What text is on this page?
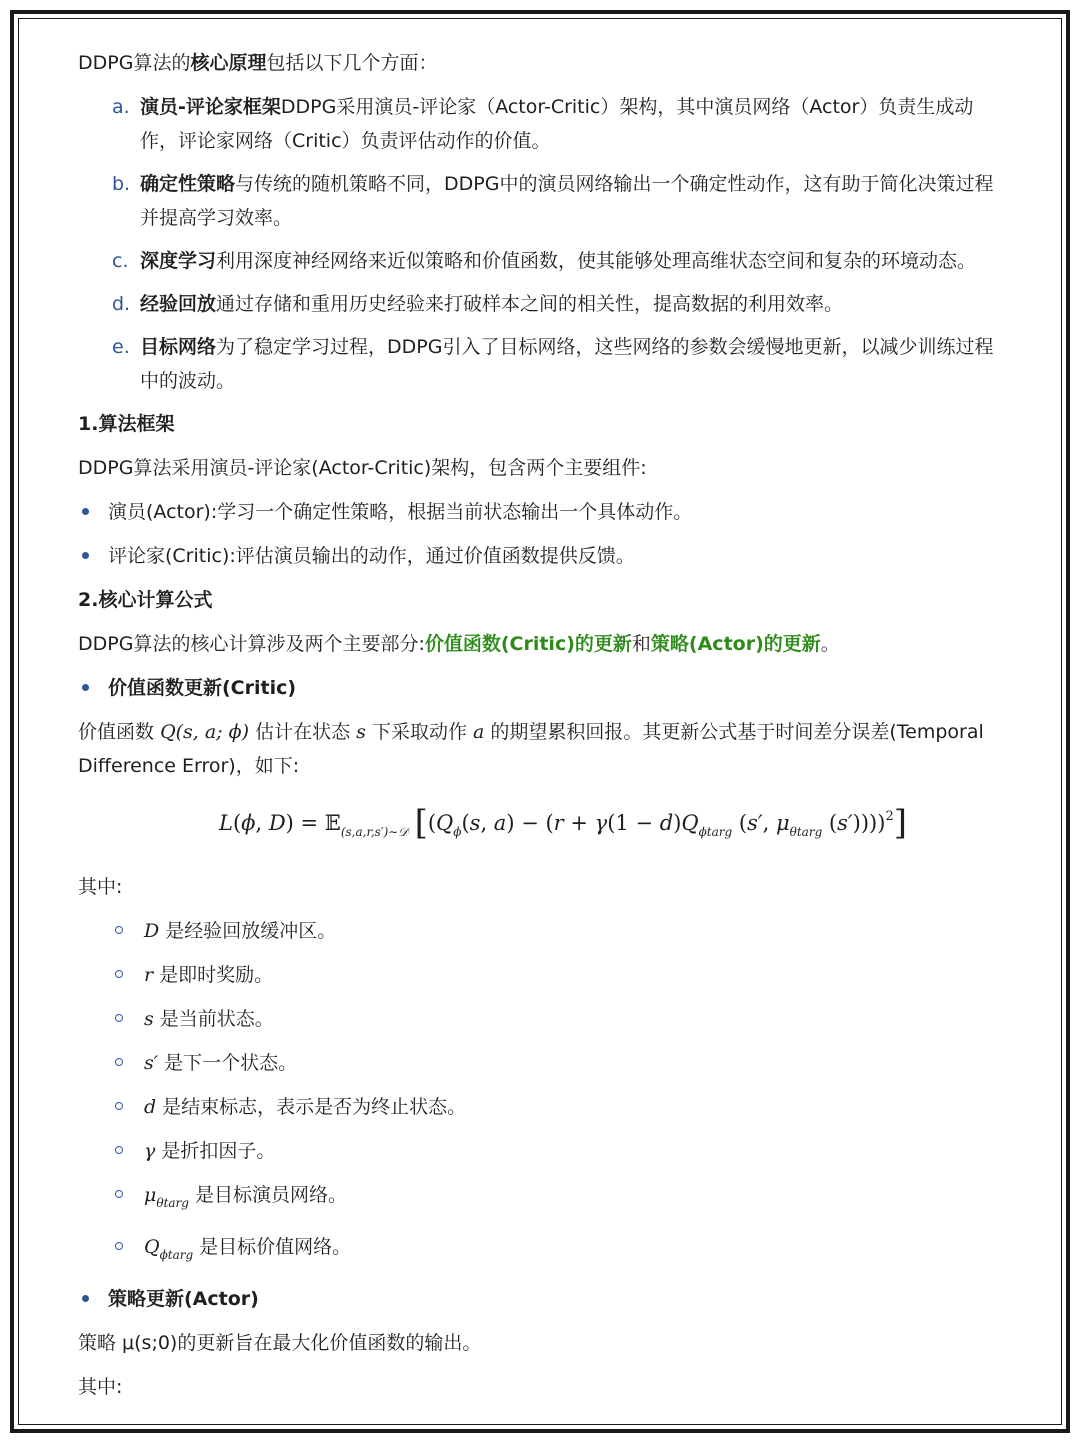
DDPG算法的核心原理包括以下几个方面：

a. 演员-评论家框架DDPG采用演员-评论家（Actor-Critic）架构，其中演员网络（Actor）负责生成动作，评论家网络（Critic）负责评估动作的价值。
b. 确定性策略与传统的随机策略不同，DDPG中的演员网络输出一个确定性动作，这有助于简化决策过程并提高学习效率。
c. 深度学习利用深度神经网络来近似策略和价值函数，使其能够处理高维状态空间和复杂的环境动态。
d. 经验回放通过存储和重用历史经验来打破样本之间的相关性，提高数据的利用效率。
e. 目标网络为了稳定学习过程，DDPG引入了目标网络，这些网络的参数会缓慢地更新，以减少训练过程中的波动。
1.算法框架

DDPG算法采用演员-评论家(Actor-Critic)架构，包含两个主要组件:

演员(Actor):学习一个确定性策略，根据当前状态输出一个具体动作。
评论家(Critic):评估演员输出的动作，通过价值函数提供反馈。
2.核心计算公式

DDPG算法的核心计算涉及两个主要部分:价值函数(Critic)的更新和策略(Actor)的更新。

价值函数更新(Critic)

价值函数 Q(s, a; ϕ) 估计在状态 s 下采取动作 a 的期望累积回报。其更新公式基于时间差分误差(Temporal Difference Error)，如下:

L(ϕ, D) = 𝔼$_{(s,a,r,s')\sim 𝒟}$ [($Q_\phi(s$, $a) - (r + \gamma(1 - d)Q_{\phi targ}$ (s′, $\mu_{\theta targ}$ (s′))))$^2$]

其中:

D 是经验回放缓冲区。
r 是即时奖励。
s 是当前状态。
s′ 是下一个状态。
d 是结束标志，表示是否为终止状态。
γ 是折扣因子。
$\mu_{\theta targ}$ 是目标演员网络。
$Q_{\phi targ}$ 是目标价值网络。
策略更新(Actor)

策略 μ(s;0)的更新旨在最大化价值函数的输出。

其中:
